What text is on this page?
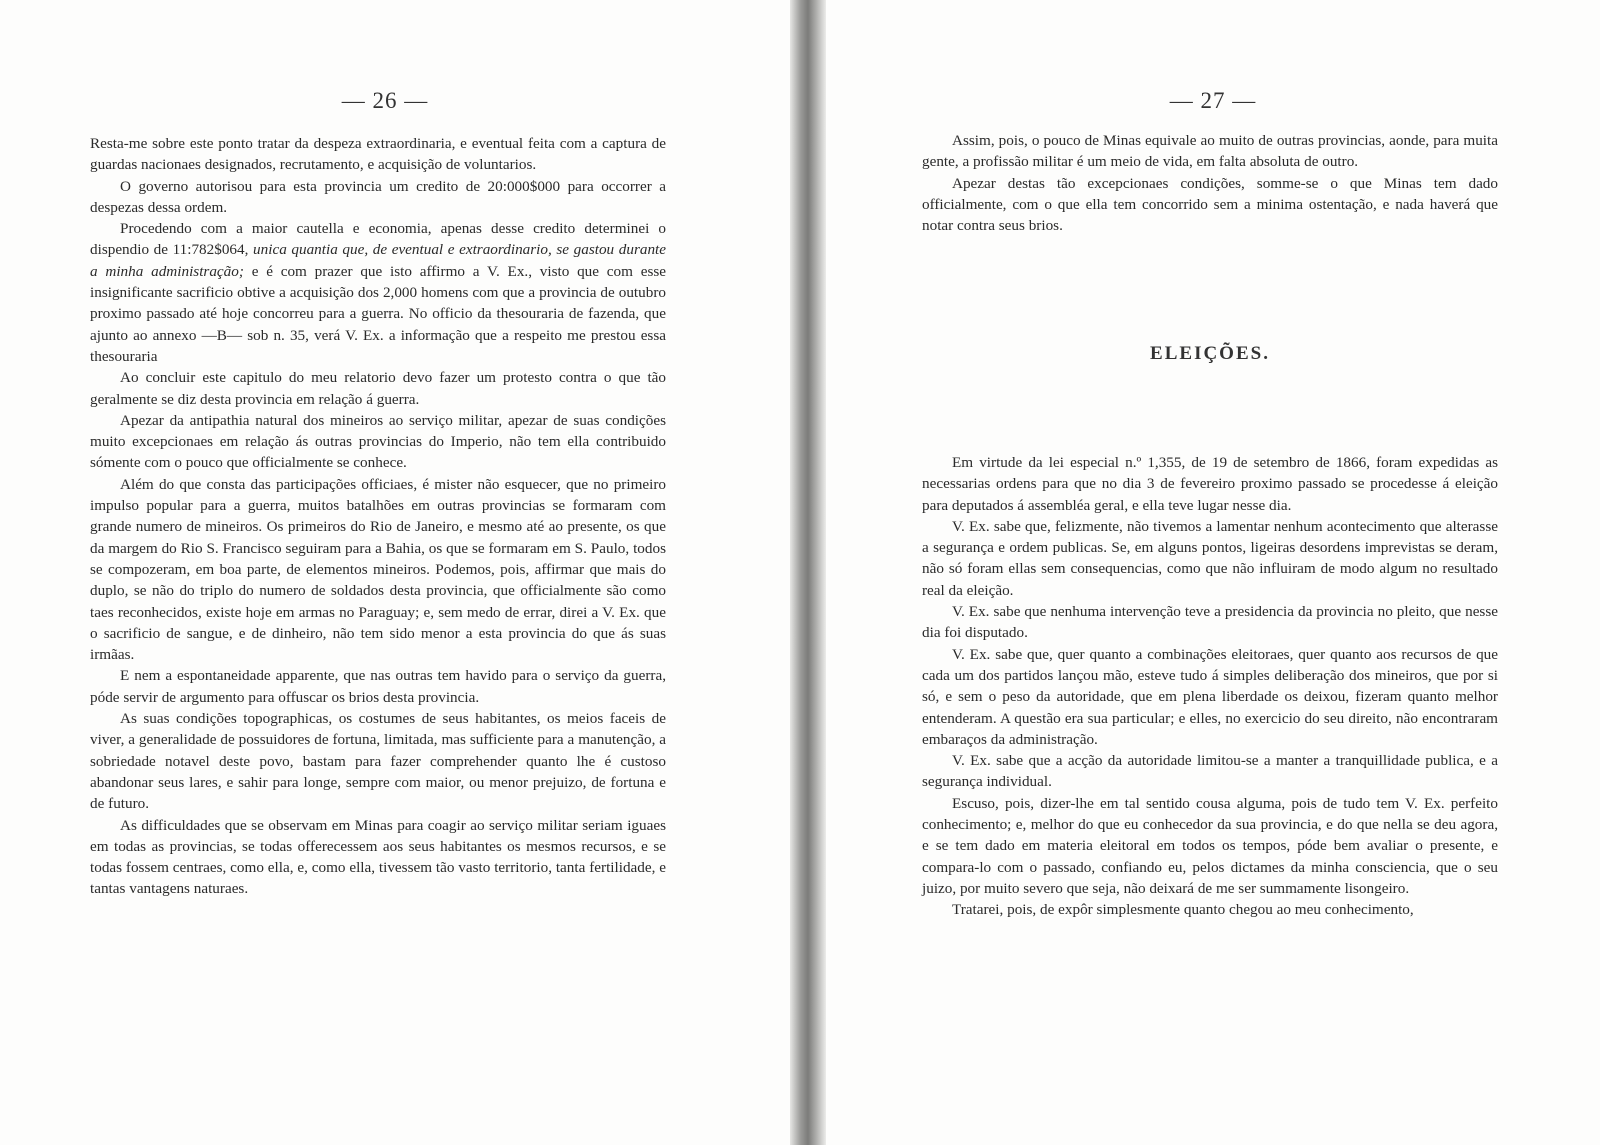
— 26 —

Resta-me sobre este ponto tratar da despeza extraordinaria, e eventual feita com a captura de guardas nacionaes designados, recrutamento, e acquisição de voluntarios.

O governo autorisou para esta provincia um credito de 20:000$000 para occorrer a despezas dessa ordem.

Procedendo com a maior cautella e economia, apenas desse credito determinei o dispendio de 11:782$064, unica quantia que, de eventual e extraordinario, se gastou durante a minha administração; e é com prazer que isto affirmo a V. Ex., visto que com esse insignificante sacrificio obtive a acquisição dos 2,000 homens com que a provincia de outubro proximo passado até hoje concorreu para a guerra. No officio da thesouraria de fazenda, que ajunto ao annexo —B— sob n. 35, verá V. Ex. a informação que a respeito me prestou essa thesouraria

Ao concluir este capitulo do meu relatorio devo fazer um protesto contra o que tão geralmente se diz desta provincia em relação á guerra.

Apezar da antipathia natural dos mineiros ao serviço militar, apezar de suas condições muito excepcionaes em relação ás outras provincias do Imperio, não tem ella contribuido sómente com o pouco que officialmente se conhece.

Além do que consta das participações officiaes, é mister não esquecer, que no primeiro impulso popular para a guerra, muitos batalhões em outras provincias se formaram com grande numero de mineiros. Os primeiros do Rio de Janeiro, e mesmo até ao presente, os que da margem do Rio S. Francisco seguiram para a Bahia, os que se formaram em S. Paulo, todos se compozeram, em boa parte, de elementos mineiros. Podemos, pois, affirmar que mais do duplo, se não do triplo do numero de soldados desta provincia, que officialmente são como taes reconhecidos, existe hoje em armas no Paraguay; e, sem medo de errar, direi a V. Ex. que o sacrificio de sangue, e de dinheiro, não tem sido menor a esta provincia do que ás suas irmãas.

E nem a espontaneidade apparente, que nas outras tem havido para o serviço da guerra, póde servir de argumento para offuscar os brios desta provincia.

As suas condições topographicas, os costumes de seus habitantes, os meios faceis de viver, a generalidade de possuidores de fortuna, limitada, mas sufficiente para a manutenção, a sobriedade notavel deste povo, bastam para fazer comprehender quanto lhe é custoso abandonar seus lares, e sahir para longe, sempre com maior, ou menor prejuizo, de fortuna e de futuro.

As difficuldades que se observam em Minas para coagir ao serviço militar seriam iguaes em todas as provincias, se todas offerecessem aos seus habitantes os mesmos recursos, e se todas fossem centraes, como ella, e, como ella, tivessem tão vasto territorio, tanta fertilidade, e tantas vantagens naturaes.

— 27 —

Assim, pois, o pouco de Minas equivale ao muito de outras provincias, aonde, para muita gente, a profissão militar é um meio de vida, em falta absoluta de outro.

Apezar destas tão excepcionaes condições, somme-se o que Minas tem dado officialmente, com o que ella tem concorrido sem a minima ostentação, e nada haverá que notar contra seus brios.

ELEIÇÕES.

Em virtude da lei especial n.º 1,355, de 19 de setembro de 1866, foram expedidas as necessarias ordens para que no dia 3 de fevereiro proximo passado se procedesse á eleição para deputados á assembléa geral, e ella teve lugar nesse dia.

V. Ex. sabe que, felizmente, não tivemos a lamentar nenhum acontecimento que alterasse a segurança e ordem publicas. Se, em alguns pontos, ligeiras desordens imprevistas se deram, não só foram ellas sem consequencias, como que não influiram de modo algum no resultado real da eleição.

V. Ex. sabe que nenhuma intervenção teve a presidencia da provincia no pleito, que nesse dia foi disputado.

V. Ex. sabe que, quer quanto a combinações eleitoraes, quer quanto aos recursos de que cada um dos partidos lançou mão, esteve tudo á simples deliberação dos mineiros, que por si só, e sem o peso da autoridade, que em plena liberdade os deixou, fizeram quanto melhor entenderam. A questão era sua particular; e elles, no exercicio do seu direito, não encontraram embaraços da administração.

V. Ex. sabe que a acção da autoridade limitou-se a manter a tranquillidade publica, e a segurança individual.

Escuso, pois, dizer-lhe em tal sentido cousa alguma, pois de tudo tem V. Ex. perfeito conhecimento; e, melhor do que eu conhecedor da sua provincia, e do que nella se deu agora, e se tem dado em materia eleitoral em todos os tempos, póde bem avaliar o presente, e compara-lo com o passado, confiando eu, pelos dictames da minha consciencia, que o seu juizo, por muito severo que seja, não deixará de me ser summamente lisongeiro.

Tratarei, pois, de expôr simplesmente quanto chegou ao meu conhecimento,
